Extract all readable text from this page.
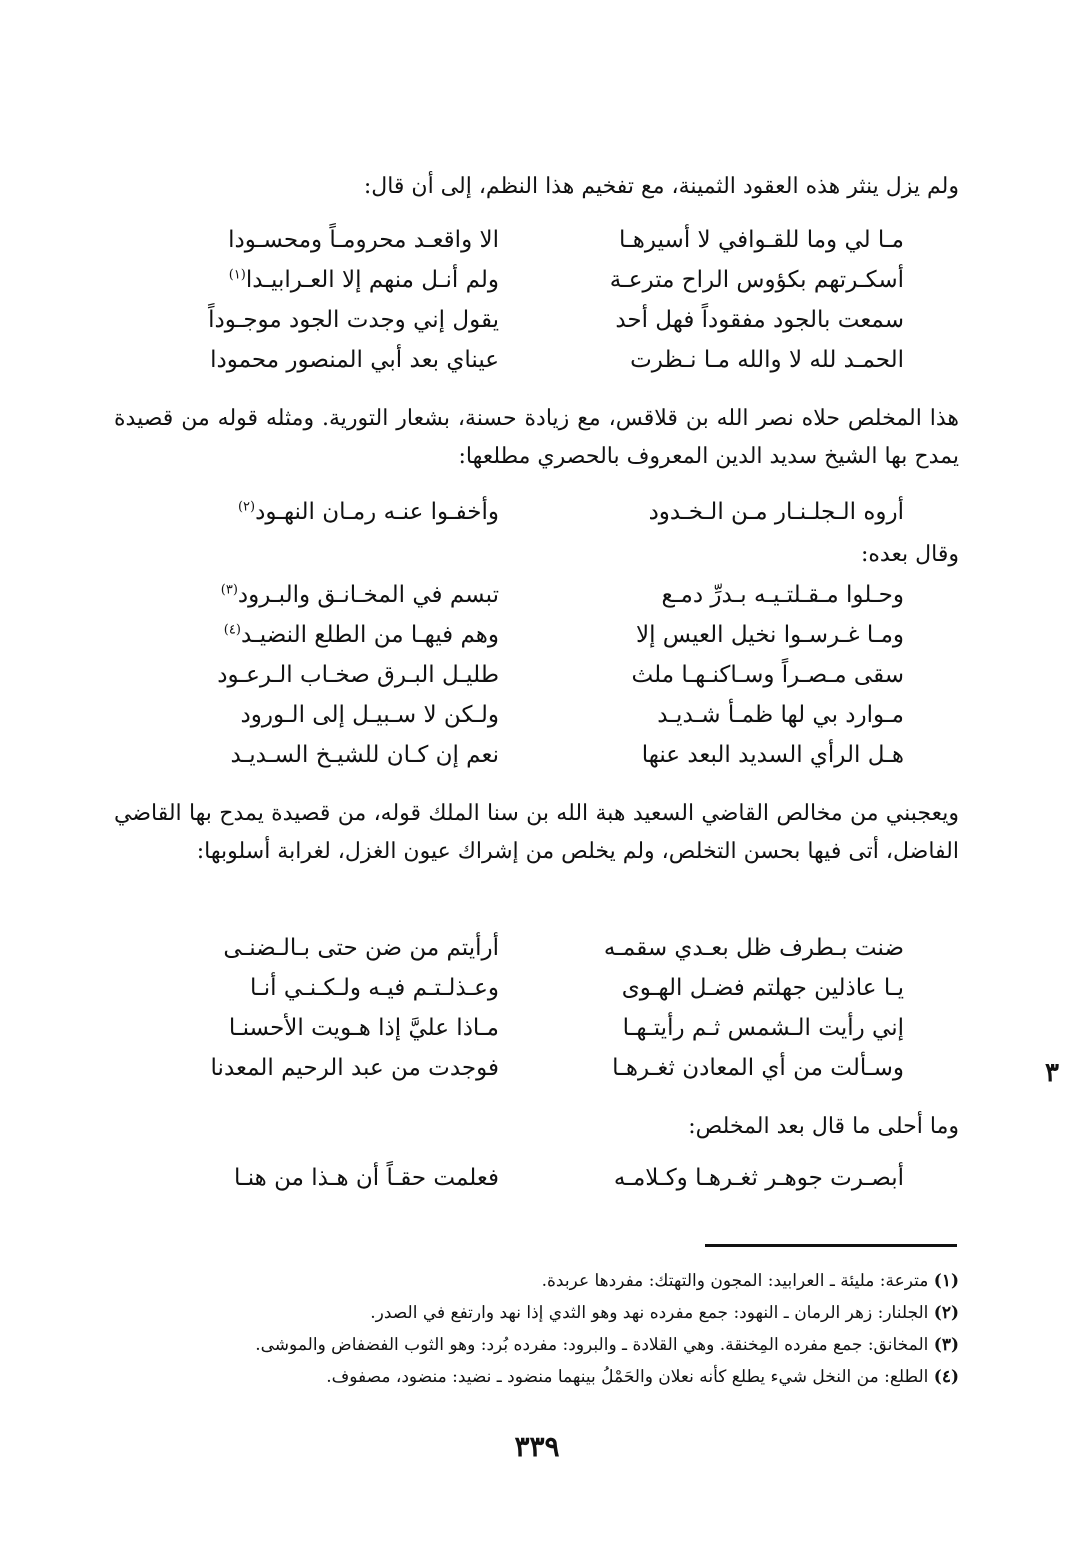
ولم يزل ينثر هذه العقود الثمينة، مع تفخيم هذا النظم، إلى أن قال:
مـا لي وما للقـوافي لا أسيرهـا
الا واقعـد محرومـاً ومحسـودا
أسكـرتهم بكؤوس الراح مترعـة
ولم أنـل منهم إلا العـرابيـدا$^{(١)}$
سمعت بالجود مفقوداً فهل أحد
يقول إني وجدت الجود موجـوداً
الحمـد لله لا والله مـا نـظرت
عيناي بعد أبي المنصور محمودا
هذا المخلص حلاه نصر الله بن قلاقس، مع زيادة حسنة، بشعار التورية. ومثله قوله من قصيدة يمدح بها الشيخ سديد الدين المعروف بالحصري مطلعها:
أروه الـجلـنـار مـن الـخـدود
وأخفـوا عنـه رمـان النهـود$^{(٢)}$
وقال بعده:
وحـلوا مـقـلتـيـه بـدرِّ دمـع
تبسم في المخـانـق والبـرود$^{(٣)}$
ومـا غـرسـوا نخيل العيس إلا
وهم فيهـا من الطلع النضيـد$^{(٤)}$
سقى مـصـراً وسـاكنـهـا ملث
طليـل البـرق صخـاب الـرعـود
مـوارد بي لها ظمـأ شـديـد
ولـكن لا سـبيـل إلى الـورود
هـل الرأي السديد البعد عنها
نعم إن كـان للشيـخ السـديـد
ويعجبني من مخالص القاضي السعيد هبة الله بن سنا الملك قوله، من قصيدة يمدح بها القاضي الفاضل، أتى فيها بحسن التخلص، ولم يخلص من إشراك عيون الغزل، لغرابة أسلوبها:
ضنت بـطرف ظل بعـدي سقمـه
أرأيتم من ضن حتى بـالـضنـى
يـا عاذلين جهلتم فضـل الهـوى
وعـذلـتـم فيـه ولـكـنـي أنـا
إني رأيت الـشمس ثـم رأيتـهـا
مـاذا عليَّ إذا هـويت الأحسنـا
وسـألت من أي المعادن ثغـرهـا
فوجدت من عبد الرحيم المعدنا	٣
وما أحلى ما قال بعد المخلص:
أبصـرت جوهـر ثغـرهـا وكـلامـه
فعلمت حقـاً أن هـذا من هنـا
(١) مترعة: مليئة ـ العرابيد: المجون والتهتك: مفردها عربدة.
(٢) الجلنار: زهر الرمان ـ النهود: جمع مفرده نهد وهو الثدي إذا نهد وارتفع في الصدر.
(٣) المخانق: جمع مفرده المِخنقة. وهي القلادة ـ والبرود: مفرده بُرد: وهو الثوب الفضفاض والموشى.
(٤) الطلع: من النخل شيء يطلع كأنه نعلان والحَمْلُ بينهما منضود ـ نضيد: منضود، مصفوف.
٣٣٩
